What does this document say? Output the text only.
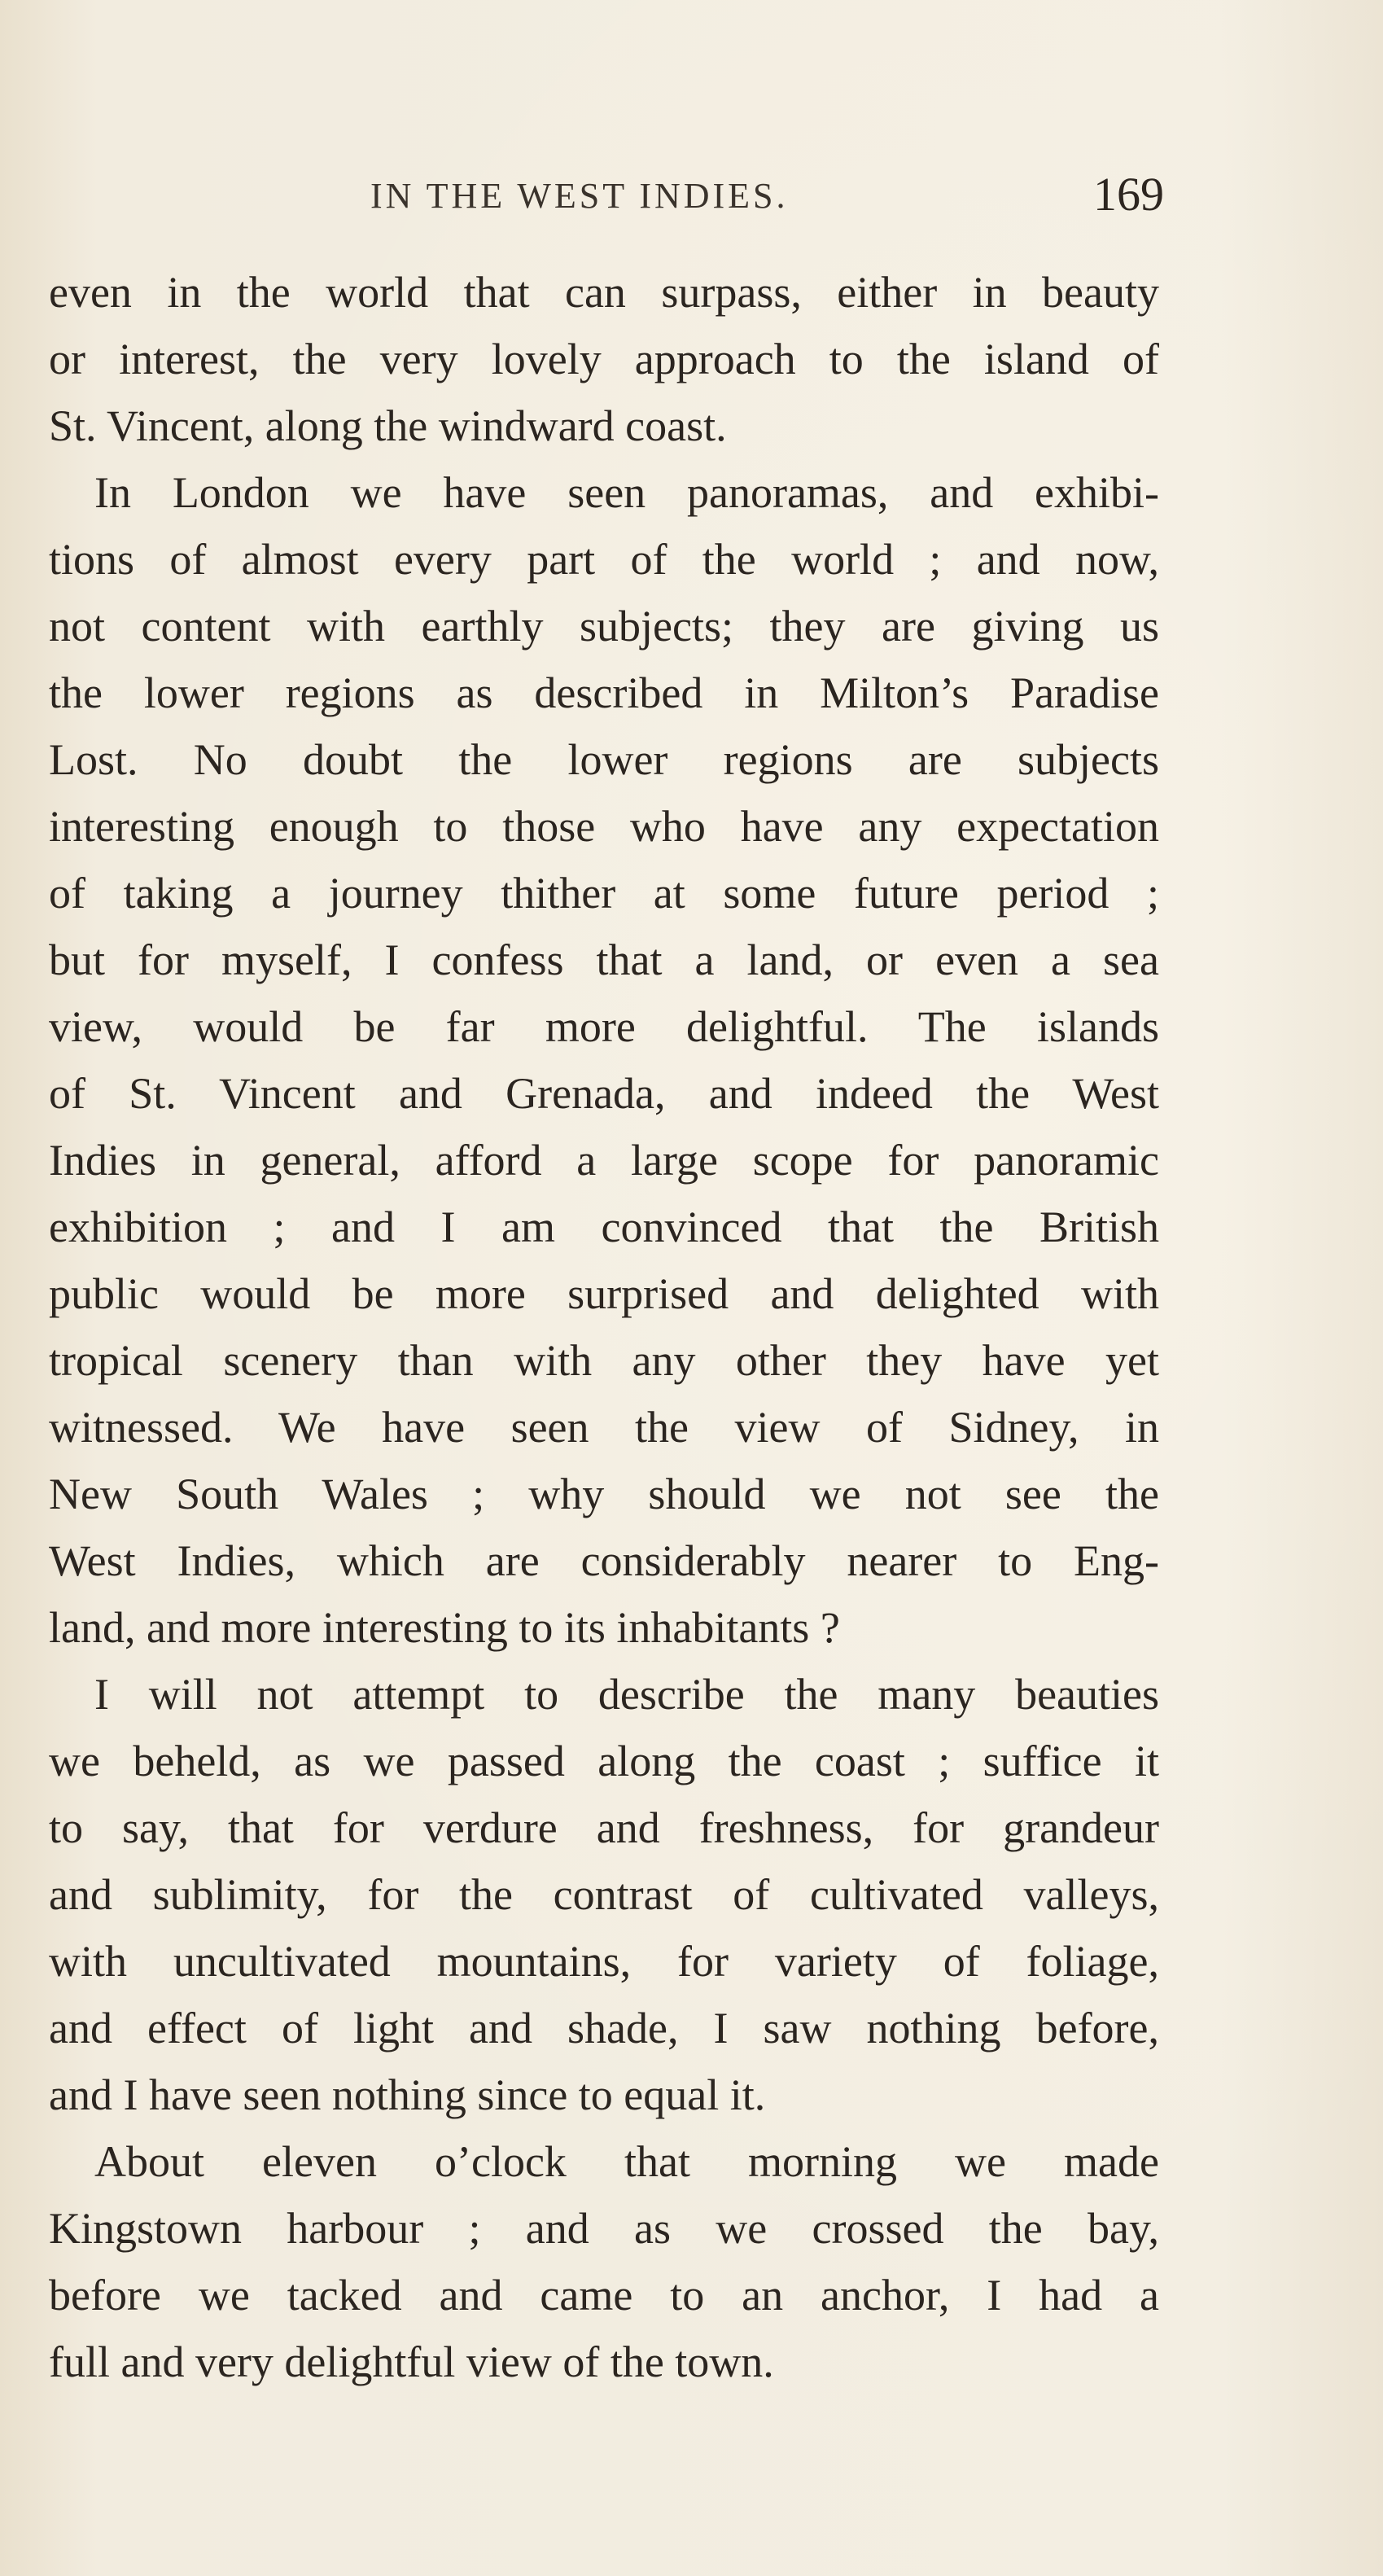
IN THE WEST INDIES.	169
even in the world that can surpass, either in beauty
or interest, the very lovely approach to the island of
St. Vincent, along the windward coast.
In London we have seen panoramas, and exhibi-
tions of almost every part of the world ; and now,
not content with earthly subjects; they are giving us
the lower regions as described in Milton’s Paradise
Lost. No doubt the lower regions are subjects
interesting enough to those who have any expectation
of taking a journey thither at some future period ;
but for myself, I confess that a land, or even a sea
view, would be far more delightful. The islands
of St. Vincent and Grenada, and indeed the West
Indies in general, afford a large scope for panoramic
exhibition ; and I am convinced that the British
public would be more surprised and delighted with
tropical scenery than with any other they have yet
witnessed. We have seen the view of Sidney, in
New South Wales ; why should we not see the
West Indies, which are considerably nearer to Eng-
land, and more interesting to its inhabitants ?
I will not attempt to describe the many beauties
we beheld, as we passed along the coast ; suffice it
to say, that for verdure and freshness, for grandeur
and sublimity, for the contrast of cultivated valleys,
with uncultivated mountains, for variety of foliage,
and effect of light and shade, I saw nothing before,
and I have seen nothing since to equal it.
About eleven o’clock that morning we made
Kingstown harbour ; and as we crossed the bay,
before we tacked and came to an anchor, I had a
full and very delightful view of the town.
